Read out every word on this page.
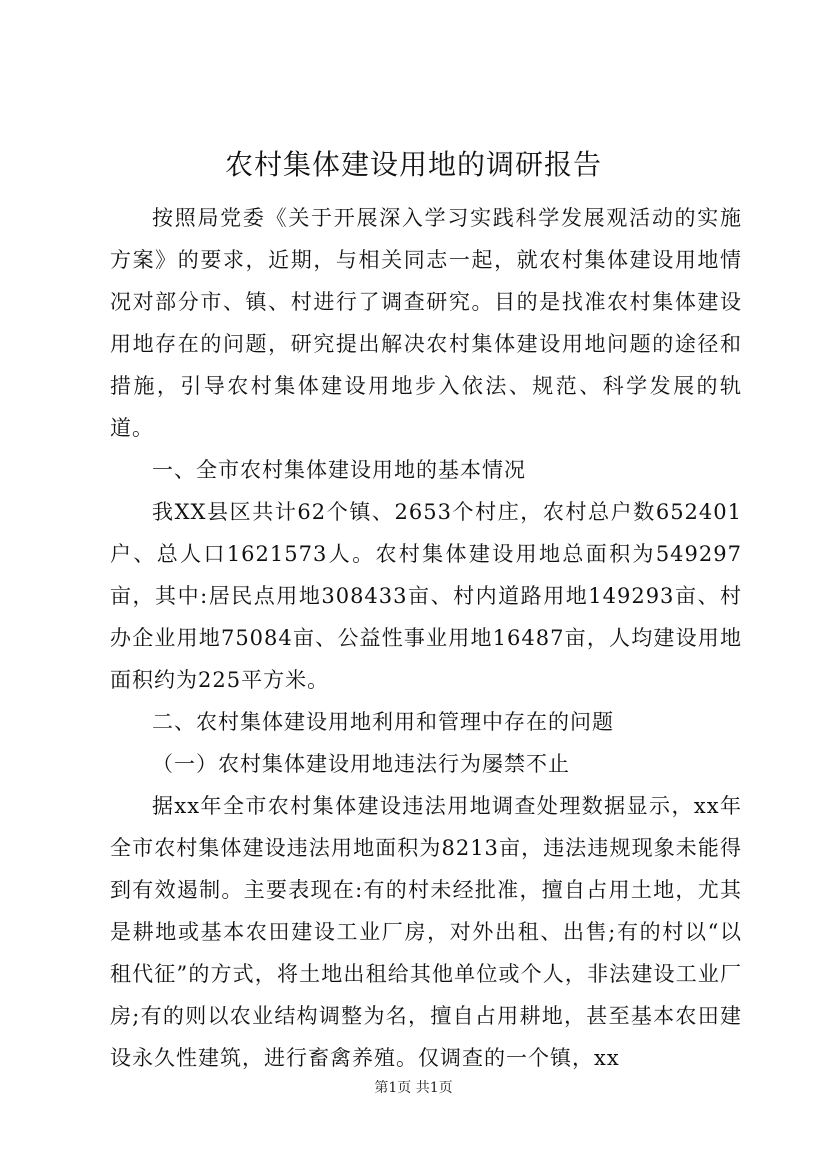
农村集体建设用地的调研报告

按照局党委《关于开展深入学习实践科学发展观活动的实施方案》的要求，近期，与相关同志一起，就农村集体建设用地情况对部分市、镇、村进行了调查研究。目的是找准农村集体建设用地存在的问题，研究提出解决农村集体建设用地问题的途径和措施，引导农村集体建设用地步入依法、规范、科学发展的轨道。

一、全市农村集体建设用地的基本情况

我XX县区共计62个镇、2653个村庄，农村总户数652401户、总人口1621573人。农村集体建设用地总面积为549297亩，其中:居民点用地308433亩、村内道路用地149293亩、村办企业用地75084亩、公益性事业用地16487亩，人均建设用地面积约为225平方米。

二、农村集体建设用地利用和管理中存在的问题

（一）农村集体建设用地违法行为屡禁不止

据xx年全市农村集体建设违法用地调查处理数据显示，xx年全市农村集体建设违法用地面积为8213亩，违法违规现象未能得到有效遏制。主要表现在:有的村未经批准，擅自占用土地，尤其是耕地或基本农田建设工业厂房，对外出租、出售;有的村以“以租代征”的方式，将土地出租给其他单位或个人，非法建设工业厂房;有的则以农业结构调整为名，擅自占用耕地，甚至基本农田建设永久性建筑，进行畜禽养殖。仅调查的一个镇，xx

第1页 共1页
